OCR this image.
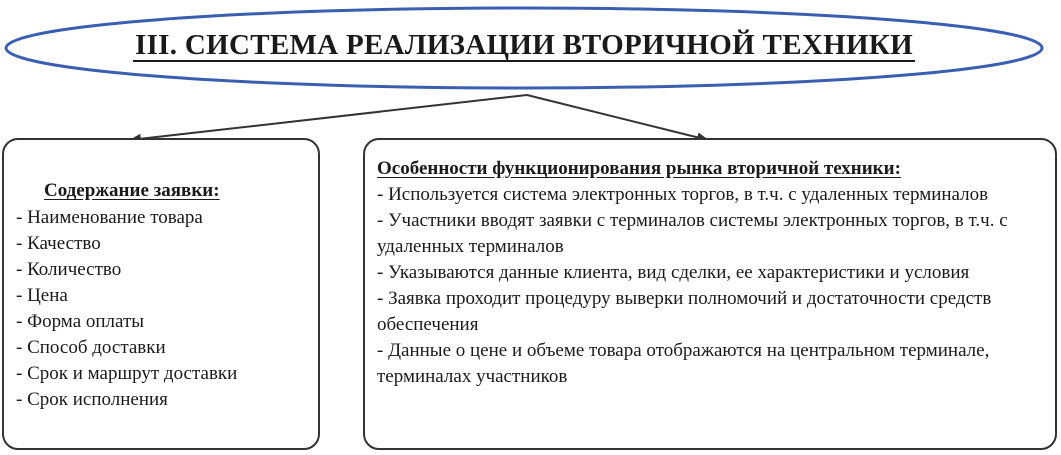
III. СИСТЕМА РЕАЛИЗАЦИИ ВТОРИЧНОЙ ТЕХНИКИ
Содержание заявки:
- Наименование товара
- Качество
- Количество
- Цена
- Форма оплаты
- Способ доставки
- Срок и маршрут доставки
- Срок исполнения
Особенности функционирования рынка вторичной техники:
- Используется система электронных торгов, в т.ч. с удаленных терминалов
- Участники вводят заявки с терминалов системы электронных торгов, в т.ч. с удаленных терминалов
- Указываются данные клиента, вид сделки, ее характеристики и условия
- Заявка проходит процедуру выверки полномочий и достаточности средств обеспечения
- Данные о цене и объеме товара отображаются на центральном терминале, терминалах участников
